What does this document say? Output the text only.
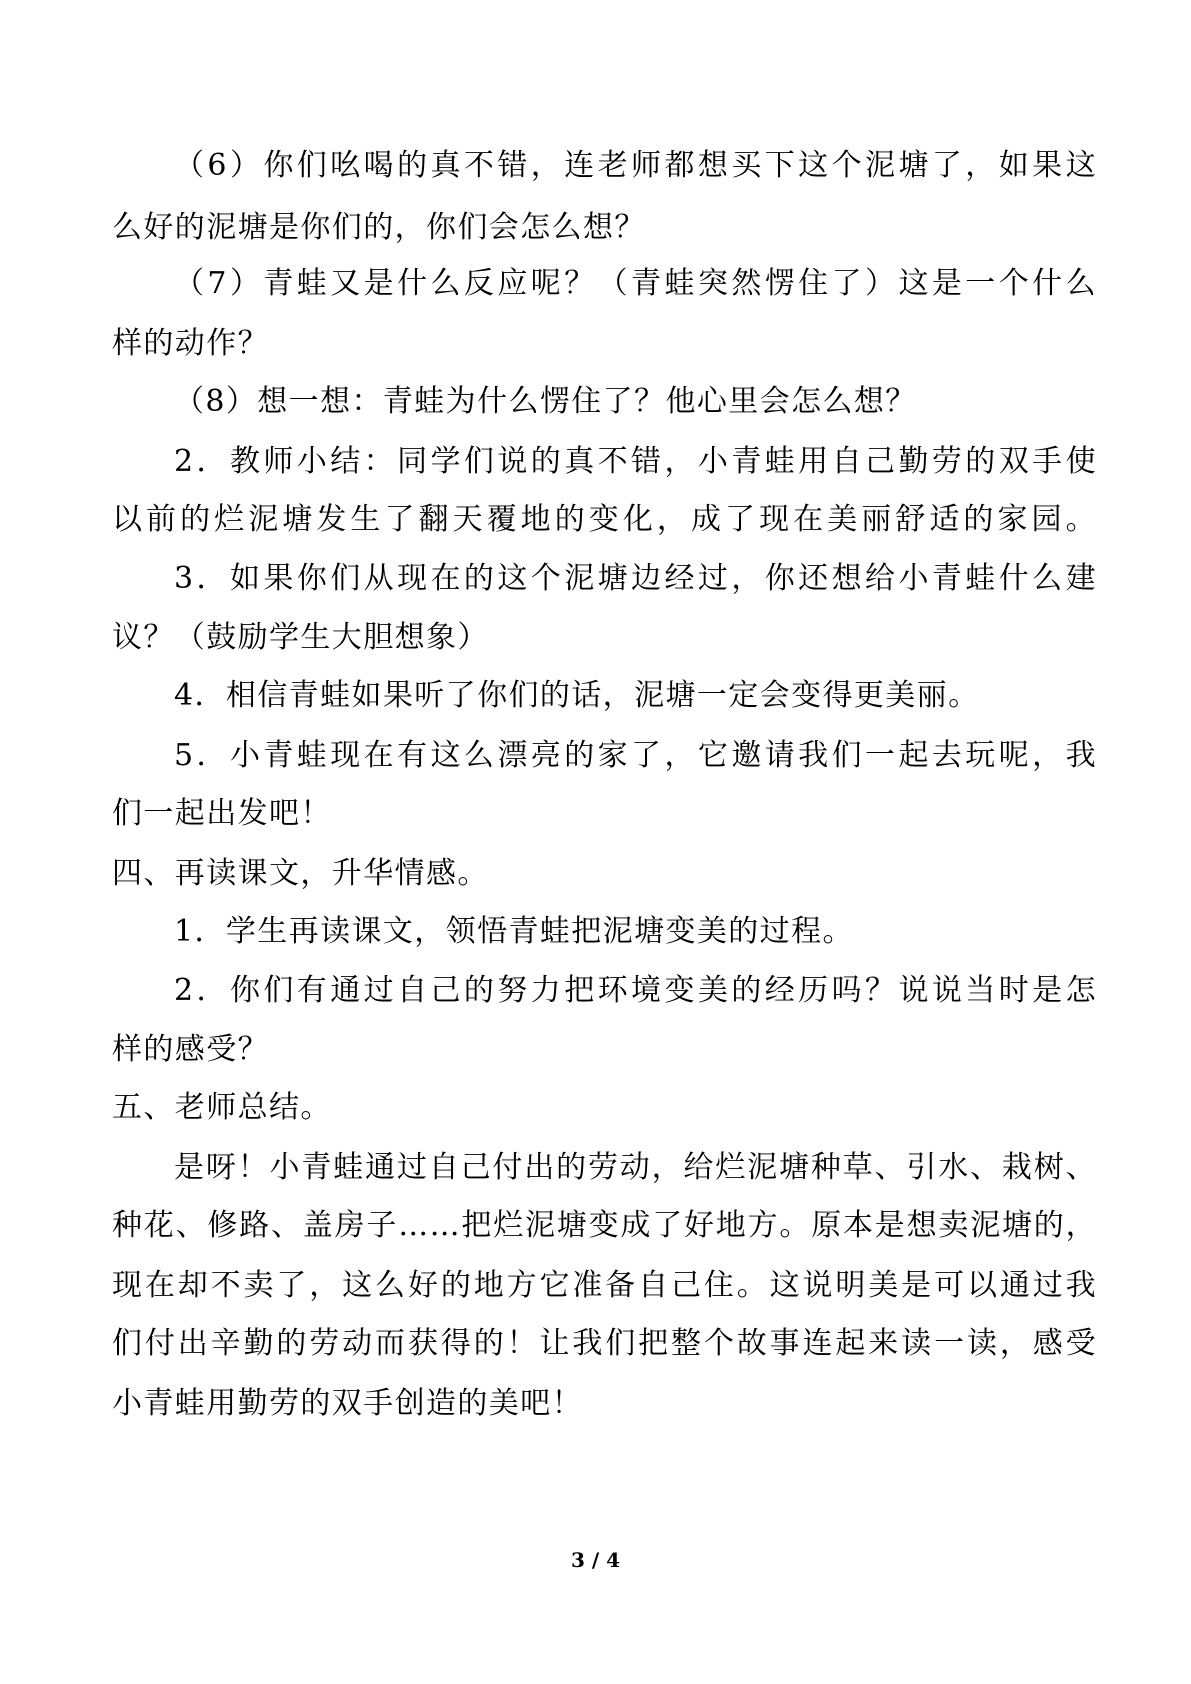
（6）你们吆喝的真不错，连老师都想买下这个泥塘了，如果这
么好的泥塘是你们的，你们会怎么想？
（7）青蛙又是什么反应呢？（青蛙突然愣住了）这是一个什么
样的动作？
（8）想一想：青蛙为什么愣住了？他心里会怎么想？
2．教师小结：同学们说的真不错，小青蛙用自己勤劳的双手使
以前的烂泥塘发生了翻天覆地的变化，成了现在美丽舒适的家园。
3．如果你们从现在的这个泥塘边经过，你还想给小青蛙什么建
议？（鼓励学生大胆想象）
4．相信青蛙如果听了你们的话，泥塘一定会变得更美丽。
5．小青蛙现在有这么漂亮的家了，它邀请我们一起去玩呢，我
们一起出发吧！
四、再读课文，升华情感。
1．学生再读课文，领悟青蛙把泥塘变美的过程。
2．你们有通过自己的努力把环境变美的经历吗？说说当时是怎
样的感受？
五、老师总结。
是呀！小青蛙通过自己付出的劳动，给烂泥塘种草、引水、栽树、
种花、修路、盖房子……把烂泥塘变成了好地方。原本是想卖泥塘的，
现在却不卖了，这么好的地方它准备自己住。这说明美是可以通过我
们付出辛勤的劳动而获得的！让我们把整个故事连起来读一读，感受
小青蛙用勤劳的双手创造的美吧！
3 / 4
